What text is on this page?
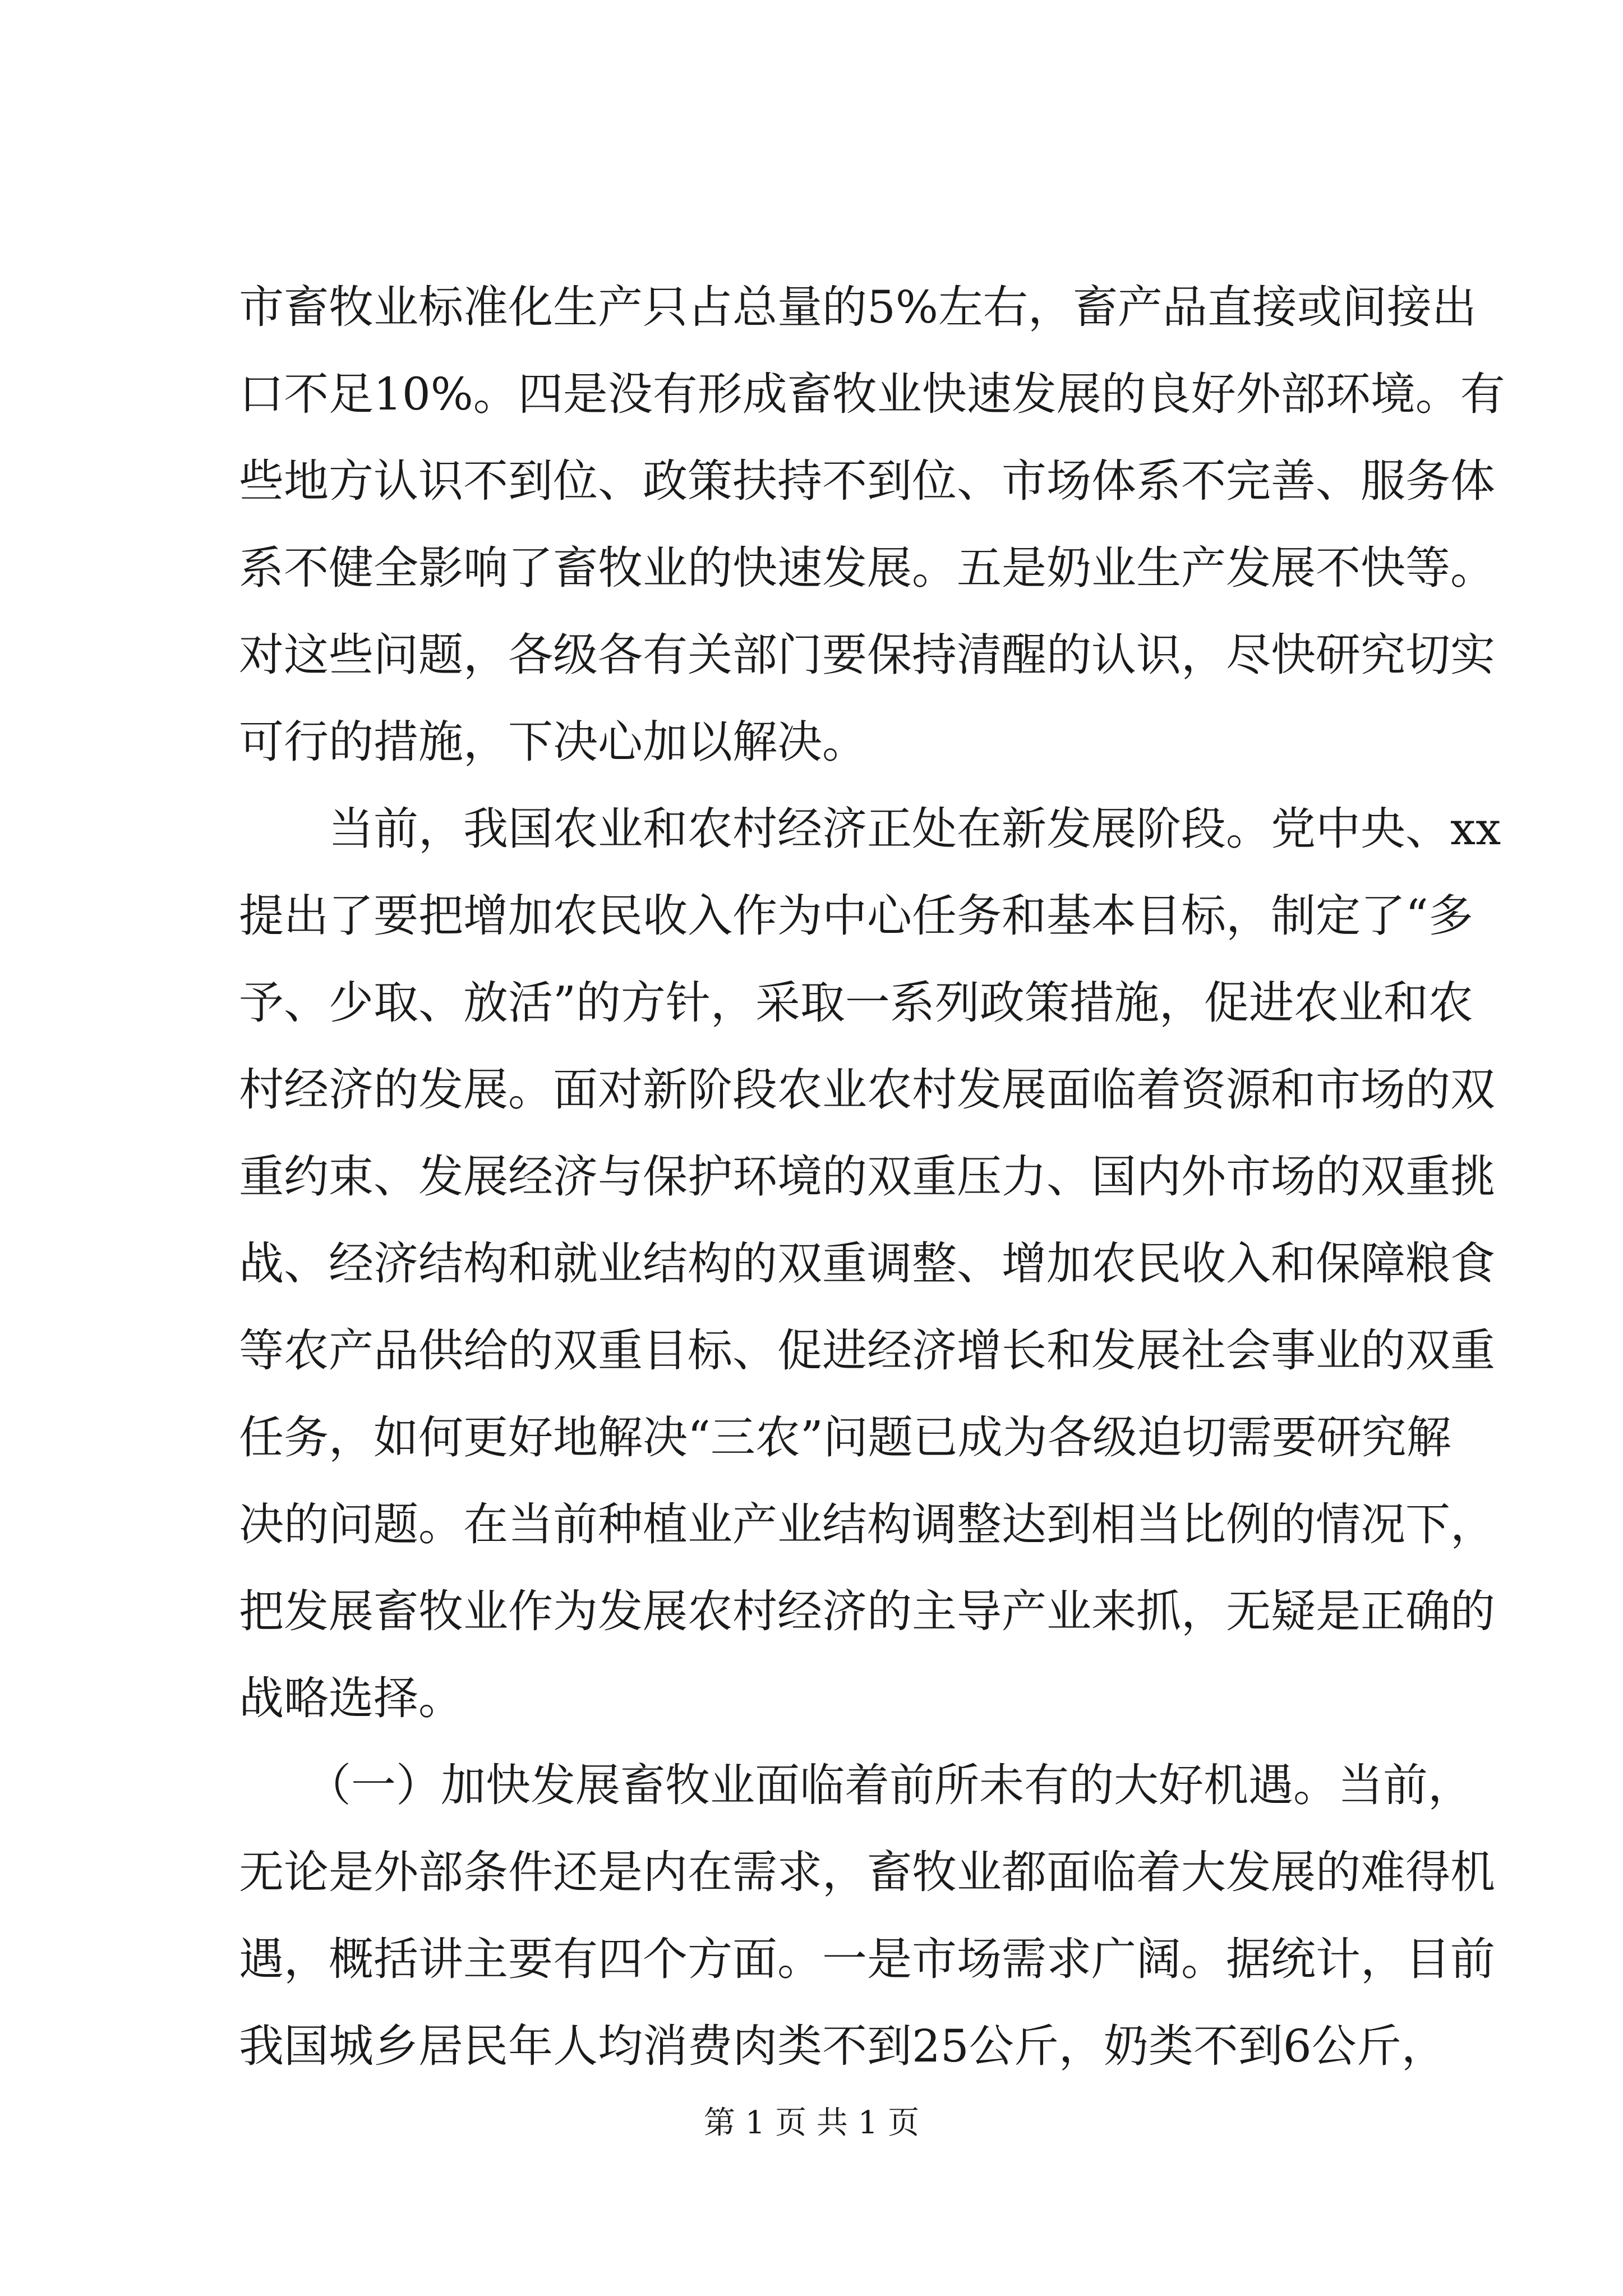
市畜牧业标准化生产只占总量的5%左右，畜产品直接或间接出
口不足10%。四是没有形成畜牧业快速发展的良好外部环境。有
些地方认识不到位、政策扶持不到位、市场体系不完善、服务体
系不健全影响了畜牧业的快速发展。五是奶业生产发展不快等。
对这些问题，各级各有关部门要保持清醒的认识，尽快研究切实
可行的措施，下决心加以解决。
　　当前，我国农业和农村经济正处在新发展阶段。党中央、xx
提出了要把增加农民收入作为中心任务和基本目标，制定了“多
予、少取、放活”的方针，采取一系列政策措施，促进农业和农
村经济的发展。面对新阶段农业农村发展面临着资源和市场的双
重约束、发展经济与保护环境的双重压力、国内外市场的双重挑
战、经济结构和就业结构的双重调整、增加农民收入和保障粮食
等农产品供给的双重目标、促进经济增长和发展社会事业的双重
任务，如何更好地解决“三农”问题已成为各级迫切需要研究解
决的问题。在当前种植业产业结构调整达到相当比例的情况下，
把发展畜牧业作为发展农村经济的主导产业来抓，无疑是正确的
战略选择。
　　（一）加快发展畜牧业面临着前所未有的大好机遇。当前，
无论是外部条件还是内在需求，畜牧业都面临着大发展的难得机
遇，概括讲主要有四个方面。一是市场需求广阔。据统计，目前
我国城乡居民年人均消费肉类不到25公斤，奶类不到6公斤，
第 1 页 共 1 页
